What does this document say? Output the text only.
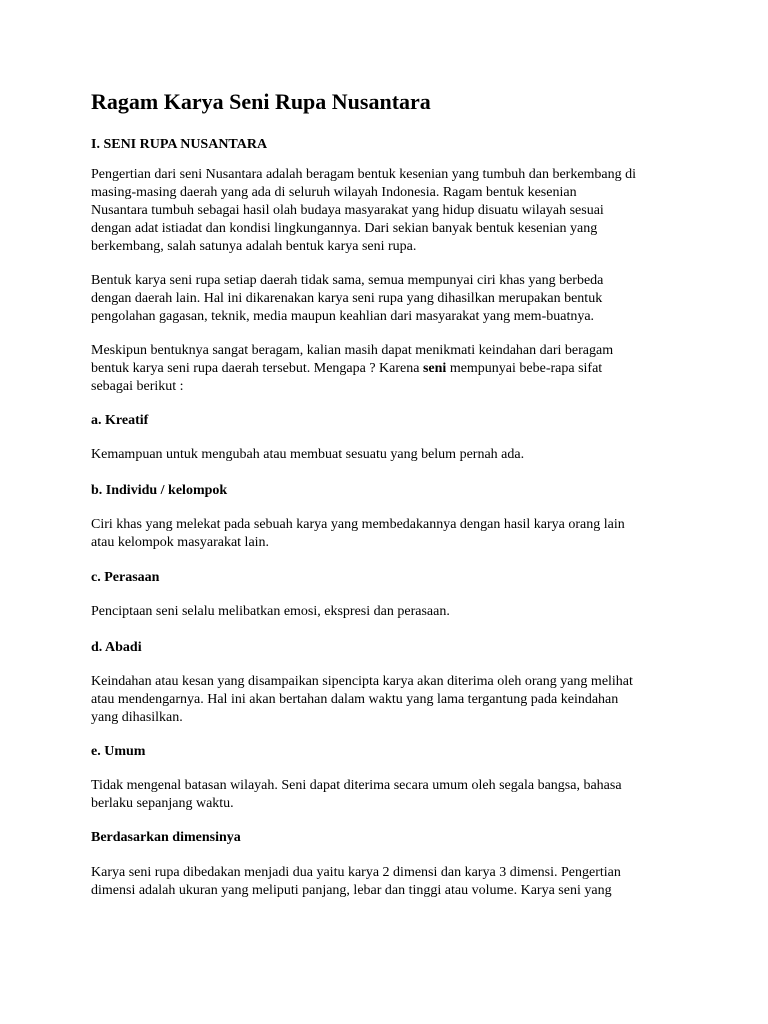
Ragam Karya Seni Rupa Nusantara

I. SENI RUPA NUSANTARA

Pengertian dari seni Nusantara adalah beragam bentuk kesenian yang tumbuh dan berkembang di
masing-masing daerah yang ada di seluruh wilayah Indonesia. Ragam bentuk kesenian
Nusantara tumbuh sebagai hasil olah budaya masyarakat yang hidup disuatu wilayah sesuai
dengan adat istiadat dan kondisi lingkungannya. Dari sekian banyak bentuk kesenian yang
berkembang, salah satunya adalah bentuk karya seni rupa.

Bentuk karya seni rupa setiap daerah tidak sama, semua mempunyai ciri khas yang berbeda
dengan daerah lain. Hal ini dikarenakan karya seni rupa yang dihasilkan merupakan bentuk
pengolahan gagasan, teknik, media maupun keahlian dari masyarakat yang mem-buatnya.

Meskipun bentuknya sangat beragam, kalian masih dapat menikmati keindahan dari beragam
bentuk karya seni rupa daerah tersebut. Mengapa ? Karena seni mempunyai bebe-rapa sifat
sebagai berikut :

a. Kreatif

Kemampuan untuk mengubah atau membuat sesuatu yang belum pernah ada.

b. Individu / kelompok

Ciri khas yang melekat pada sebuah karya yang membedakannya dengan hasil karya orang lain
atau kelompok masyarakat lain.

c. Perasaan

Penciptaan seni selalu melibatkan emosi, ekspresi dan perasaan.

d. Abadi

Keindahan atau kesan yang disampaikan sipencipta karya akan diterima oleh orang yang melihat
atau mendengarnya. Hal ini akan bertahan dalam waktu yang lama tergantung pada keindahan
yang dihasilkan.

e. Umum

Tidak mengenal batasan wilayah. Seni dapat diterima secara umum oleh segala bangsa, bahasa
berlaku sepanjang waktu.

Berdasarkan dimensinya

Karya seni rupa dibedakan menjadi dua yaitu karya 2 dimensi dan karya 3 dimensi. Pengertian
dimensi adalah ukuran yang meliputi panjang, lebar dan tinggi atau volume. Karya seni yang
